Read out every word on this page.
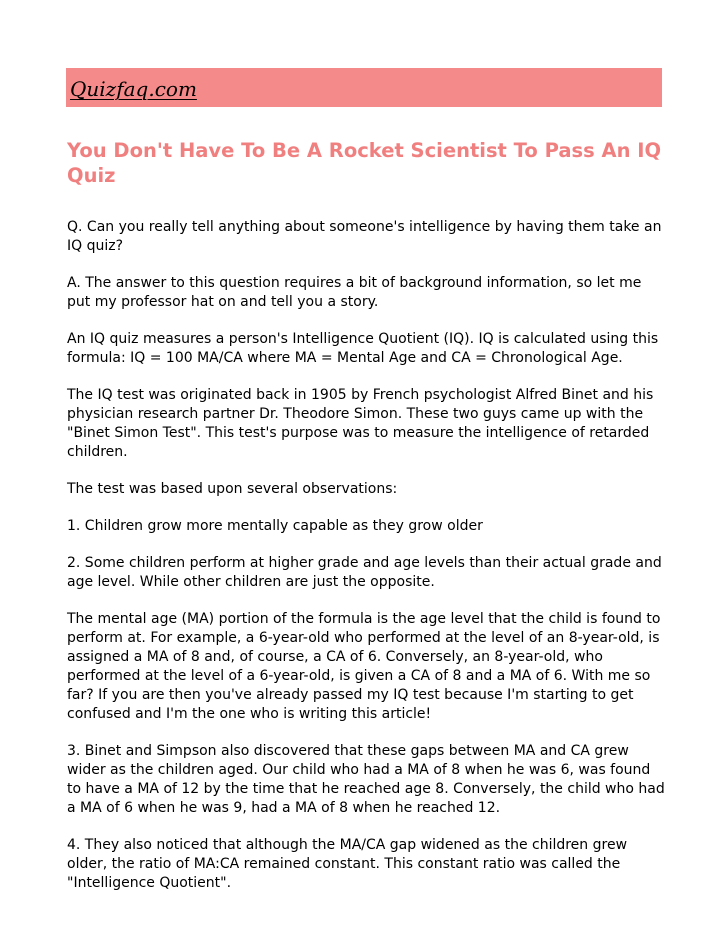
Quizfaq.com
You Don't Have To Be A Rocket Scientist To Pass An IQ Quiz

Q. Can you really tell anything about someone's intelligence by having them take an IQ quiz?

A. The answer to this question requires a bit of background information, so let me put my professor hat on and tell you a story.

An IQ quiz measures a person's Intelligence Quotient (IQ). IQ is calculated using this formula: IQ = 100 MA/CA where MA = Mental Age and CA = Chronological Age.

The IQ test was originated back in 1905 by French psychologist Alfred Binet and his physician research partner Dr. Theodore Simon. These two guys came up with the "Binet Simon Test". This test's purpose was to measure the intelligence of retarded children.

The test was based upon several observations:

1. Children grow more mentally capable as they grow older

2. Some children perform at higher grade and age levels than their actual grade and age level. While other children are just the opposite.

The mental age (MA) portion of the formula is the age level that the child is found to perform at. For example, a 6-year-old who performed at the level of an 8-year-old, is assigned a MA of 8 and, of course, a CA of 6. Conversely, an 8-year-old, who performed at the level of a 6-year-old, is given a CA of 8 and a MA of 6. With me so far? If you are then you've already passed my IQ test because I'm starting to get confused and I'm the one who is writing this article!

3. Binet and Simpson also discovered that these gaps between MA and CA grew wider as the children aged. Our child who had a MA of 8 when he was 6, was found to have a MA of 12 by the time that he reached age 8. Conversely, the child who had a MA of 6 when he was 9, had a MA of 8 when he reached 12.

4. They also noticed that although the MA/CA gap widened as the children grew older, the ratio of MA:CA remained constant. This constant ratio was called the "Intelligence Quotient".
